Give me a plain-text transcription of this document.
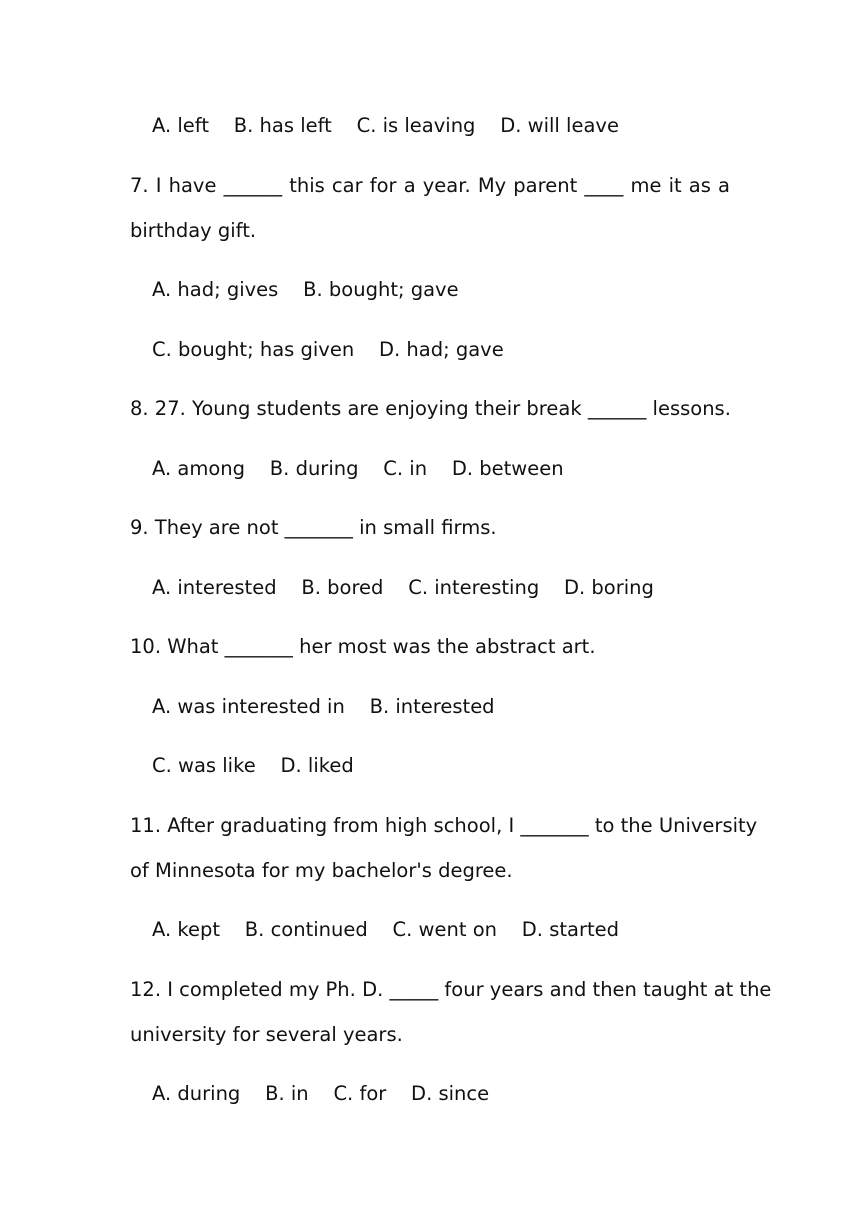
A. left    B. has left    C. is leaving    D. will leave
7. I have ______ this car for a year. My parent ____ me it as a
birthday gift.
A. had; gives    B. bought; gave
C. bought; has given    D. had; gave
8. 27. Young students are enjoying their break ______ lessons.
A. among    B. during    C. in    D. between
9. They are not _______ in small firms.
A. interested    B. bored    C. interesting    D. boring
10. What _______ her most was the abstract art.
A. was interested in    B. interested
C. was like    D. liked
11. After graduating from high school, I _______ to the University
of Minnesota for my bachelor's degree.
A. kept    B. continued    C. went on    D. started
12. I completed my Ph. D. _____ four years and then taught at the
university for several years.
A. during    B. in    C. for    D. since
